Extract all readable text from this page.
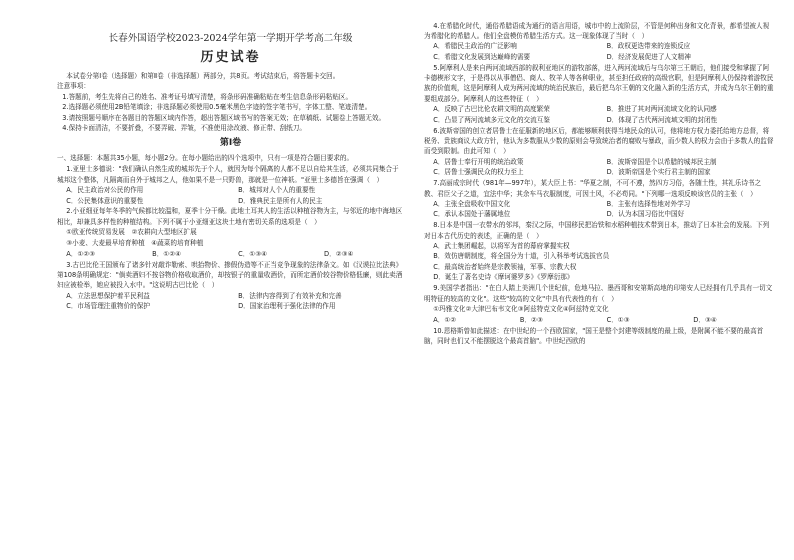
长春外国语学校2023-2024学年第一学期开学考高二年级
历史试卷

本试卷分第Ⅰ卷（选择题）和第Ⅱ卷（非选择题）两部分，共8页。考试结束后，将答题卡交回。

注意事项：

1.答题前，考生先将自己的姓名、准考证号填写清楚，将条形码准确粘贴在考生信息条形码粘贴区。

2.选择题必须使用2B铅笔填涂；非选择题必须使用0.5毫米黑色字迹的签字笔书写，字体工整、笔迹清楚。

3.请按照题号顺序在各题目的答题区域内作答，超出答题区域书写的答案无效；在草稿纸、试题卷上答题无效。

4.保持卡面清洁，不要折叠，不要弄破、弄皱，不准使用涂改液、修正带、刮纸刀。

第Ⅰ卷

一、选择题：本题共35小题，每小题2分。在每小题给出的四个选项中，只有一项是符合题目要求的。

1.亚里士多德说："我们确认自然生成的城邦先于个人，就因为每个隔离的人都不足以自给其生活，必须共同集合于城邦这个整体，凡隔离而自外于城邦之人，他如果不是一只野兽，那就是一位神祇。"亚里士多德旨在强调（　）

A．民主政治对公民的作用	B．城邦对人个人的重要性
C．公民集体意识的重要性	D．雅典民主是所有人的民主

2.小亚细亚每年冬季的气候都比较温和，夏季十分干燥。此地土耳其人的生活以种植谷物为主，与邻近的地中海地区相比，却兼具多样性的种植结构。下列不属于小亚细亚这块土地有密切关系的选项是（　）

①欧亚传统贸易发展　②农耕向大型地区扩展
③小麦、大麦最早培育种植　④蔬菜的培育种植
A．①②③	B．①②④	C．①③④	D．②③④

3.古巴比伦王国颁布了诸多针对敲诈勒索、哄抬物价、掺假伪造等不正当竞争现象的法律条文。如《汉谟拉比法典》第108条明确规定："倘卖酒妇不按谷物价格收取酒价，却按银子的重量收酒价，而所定酒价较谷物价格低廉，则此卖酒妇应被检举，她应被投入水中。"这说明古巴比伦（　）

A．立法思想保护着平民利益	B．法律内容得到了有效补充和完善
C．市场管理注重物价的保护	D．国家治理利于强化法律的作用

4.在希腊化时代，通俗希腊语成为通行的语言用语，城市中的上流阶层，不管是何种出身和文化背景，都希望被人视为希腊化的希腊人。他们全盘模仿希腊生活方式。这一现象体现了当时（　）

A．希腊民主政治的广泛影响	B．政权更迭带来的连锁反应
C．希腊文化发展到达巅峰的需要	D．经济发展促进了人文精神

5.阿摩利人是来自两河流域西部的叙利亚地区的游牧部落，进入两河流域后与乌尔第三王朝后，他们接受和掌握了阿卡德楔形文字，于是得以从事僧侣、商人、牧羊人等各种职业，甚至担任政府的高级官职，但是阿摩利人仍保持着游牧民族的价值观，这是阿摩利人成为两河流域的统治民族后，最后把乌尔王朝的文化融入新的生活方式，并成为乌尔王朝的重要组成部分。阿摩利人的这些特征（　）

A．反映了古巴比伦农耕文明的高度繁荣	B．推进了其对两河流域文化的认同感
C．凸显了两河流域多元文化的交流互鉴	D．体现了古代两河流域文明的封闭性

6.波斯帝国的创立者居鲁士在征服新的地区后，都能够顺利获得当地民众的认可，他将地方权力委托给地方总督，将税务、贵族商议大政方针，他认为多数服从少数的原则会导致统治者的腐败与暴政，而少数人的权力会由于多数人的监督而受到限制。由此可知（　）

A．居鲁士奉行开明的统治政策	B．波斯帝国是个以希腊的城邦民主制
C．居鲁士强调民众的权力至上	D．波斯帝国是个实行君主制的国家

7.高丽成宗时代（981年—997年），某大臣上书："华夏之制，不可不遵，然四方习俗，各随土性，其礼乐诗书之教、君臣父子之道，宜法中华；其余车马衣服制度，可因土风，不必苟同。"下列哪一选项反映该官员的主张（　）

A．主张全盘吸收中国文化	B．主张有选择性地对外学习
C．承认本国处于藩属地位	D．认为本国习俗比中国好

8.日本是中国一衣带水的邻邦，秦汉之际，中国移民把冶铁和水稻种植技术带到日本，推动了日本社会的发展。下列对日本古代历史的表述，正确的是（　）

A．武士集团崛起，以将军为首的幕府掌握实权
B．效仿唐朝制度，将全国分为十道，引入科举考试选拔官员
C．最高统治者始终是宗教领袖，军事、宗教大权
D．诞生了著名史诗《摩诃婆罗多》《罗摩衍那》

9.美国学者指出："在白人踏上美洲几个世纪前，危地马拉、墨西哥和安第斯高地的印第安人已经拥有几乎具有一切文明特征的较高的文化"。这些"较高的文化"中具有代表性的有（　）

①玛雅文化②大津巴布韦文化③阿兹特克文化④阿兹特克文化
A．①②	B．②③	C．①③	D．③④

10.恩格斯曾如此描述：在中世纪的一个西欧国家，"国王是整个封建等级制度的最上级，是附属不能不要的最高首脑，同时也们又不能摆脱这个最高首脑"。中世纪西欧的
